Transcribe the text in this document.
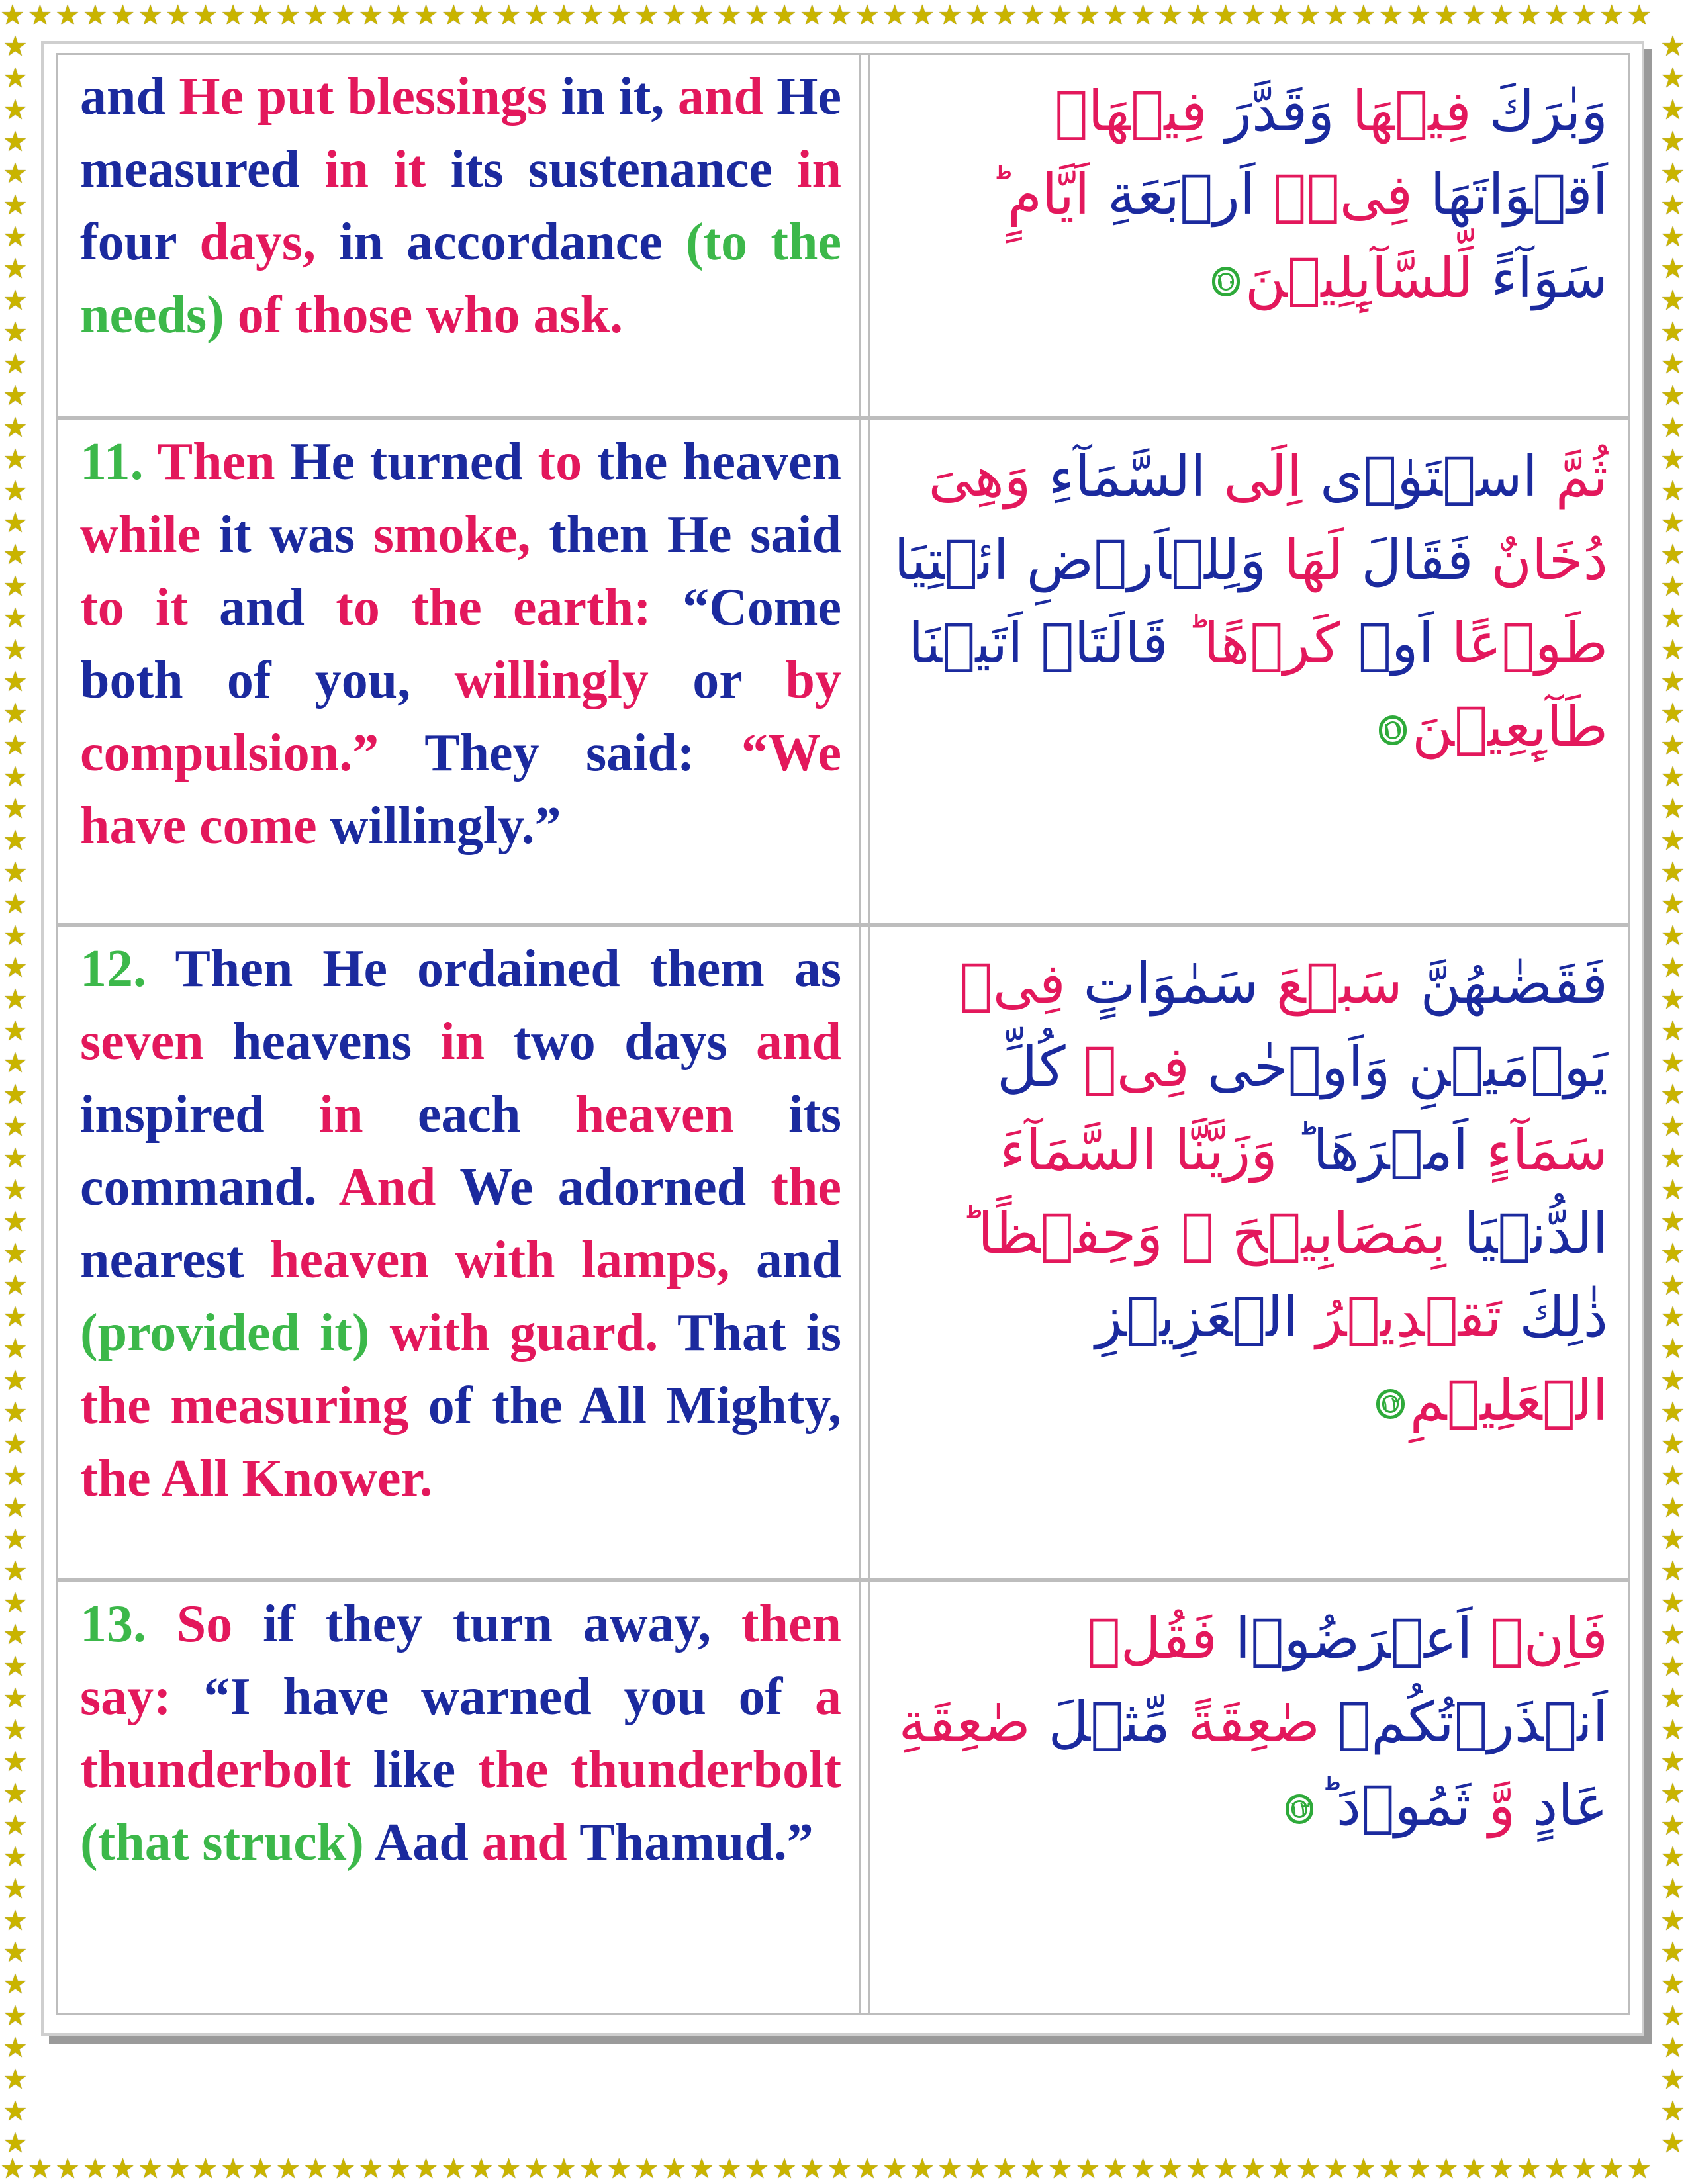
★★★★★★★★★★★★★★★★★★★★★★★★★★★★★★★★★★★★★★★★★★★★★★★★★★★★★★★★★★★★
★★★★★★★★★★★★★★★★★★★★★★★★★★★★★★★★★★★★★★★★★★★★★★★★★★★★★★★★★★★★
★
★
★
★
★
★
★
★
★
★
★
★
★
★
★
★
★
★
★
★
★
★
★
★
★
★
★
★
★
★
★
★
★
★
★
★
★
★
★
★
★
★
★
★
★
★
★
★
★
★
★
★
★
★
★
★
★
★
★
★
★
★
★
★
★
★
★
★
★
★
★
★
★
★
★
★
★
★
★
★
★
★
★
★
★
★
★
★
★
★
★
★
★
★
★
★
★
★
★
★
★
★
★
★
★
★
★
★
★
★
★
★
★
★
★
★
★
★
★
★
★
★
★
★
★
★
★
★
★
★
★
★
★
★

and He put blessings in it, and He measured in it its sustenance in four days, in accordance (to the needs) of those who ask.

وَبٰرَكَ فِيۡهَا وَقَدَّرَ فِيۡهَاۤ اَقۡوَاتَهَا فِىۡۤ اَرۡبَعَةِ اَيَّامٍ ؕ سَوَآءً لِّلسَّآٮِٕلِيۡنَ١٠

11. Then He turned to the heaven while it was smoke, then He said to it and to the earth: “Come both of you, willingly or by compulsion.” They said: “We have come willingly.”

ثُمَّ اسۡتَوٰۤى اِلَى السَّمَآءِ وَهِىَ دُخَانٌ فَقَالَ لَهَا وَلِلۡاَرۡضِ ائۡتِيَا طَوۡعًا اَوۡ كَرۡهًا ؕ قَالَتَاۤ اَتَيۡنَا طَآٮِٕعِيۡنَ١١

12. Then He ordained them as seven heavens in two days and inspired in each heaven its command. And We adorned the nearest heaven with lamps, and (provided it) with guard. That is the measuring of the All Mighty, the All Knower.

فَقَضٰٮهُنَّ سَبۡعَ سَمٰوَاتٍ فِىۡ يَوۡمَيۡنِ وَاَوۡحٰى فِىۡ كُلِّ سَمَآءٍ اَمۡرَهَا ؕ وَزَيَّنَّا السَّمَآءَ الدُّنۡيَا بِمَصَابِيۡحَ ۖ وَحِفۡظًا ؕ ذٰلِكَ تَقۡدِيۡرُ الۡعَزِيۡزِ الۡعَلِيۡمِ١٢

13. So if they turn away, then say: “I have warned you of a thunderbolt like the thunderbolt (that struck) Aad and Thamud.”

فَاِنۡ اَعۡرَضُوۡا فَقُلۡ اَنۡذَرۡتُكُمۡ صٰعِقَةً مِّثۡلَ صٰعِقَةِ عَادٍ وَّ ثَمُوۡدَ ؕ١٣
